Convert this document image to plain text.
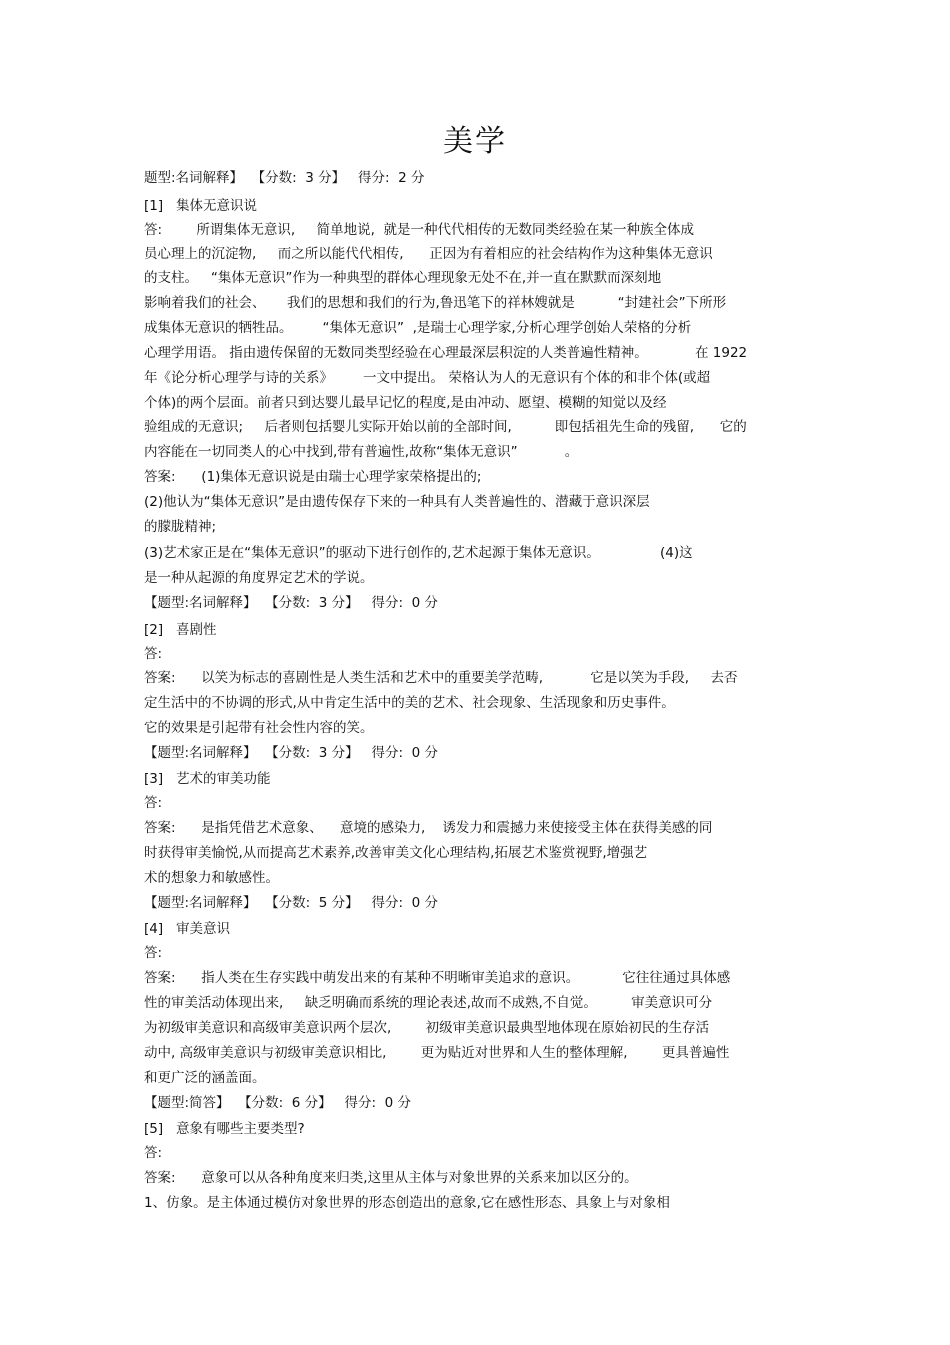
美学

题型:名词解释】  【分数:  3 分】   得分:  2 分

[1]   集体无意识说

答:        所谓集体无意识,     简单地说,  就是一种代代相传的无数同类经验在某一种族全体成

员心理上的沉淀物,     而之所以能代代相传,      正因为有着相应的社会结构作为这种集体无意识

的支柱。   “集体无意识”作为一种典型的群体心理现象无处不在,并一直在默默而深刻地

影响着我们的社会、     我们的思想和我们的行为,鲁迅笔下的祥林嫂就是          “封建社会”下所形

成集体无意识的牺牲品。       “集体无意识”  ,是瑞士心理学家,分析心理学创始人荣格的分析

心理学用语。 指由遗传保留的无数同类型经验在心理最深层积淀的人类普遍性精神。           在 1922

年《论分析心理学与诗的关系》       一文中提出。 荣格认为人的无意识有个体的和非个体(或超

个体)的两个层面。前者只到达婴儿最早记忆的程度,是由冲动、愿望、模糊的知觉以及经

验组成的无意识;     后者则包括婴儿实际开始以前的全部时间,          即包括祖先生命的残留,      它的

内容能在一切同类人的心中找到,带有普遍性,故称“集体无意识”           。

答案:      (1)集体无意识说是由瑞士心理学家荣格提出的;

(2)他认为“集体无意识”是由遗传保存下来的一种具有人类普遍性的、潜藏于意识深层

的朦胧精神;

(3)艺术家正是在“集体无意识”的驱动下进行创作的,艺术起源于集体无意识。              (4)这

是一种从起源的角度界定艺术的学说。

【题型:名词解释】  【分数:  3 分】   得分:  0 分

[2]   喜剧性

答:

答案:      以笑为标志的喜剧性是人类生活和艺术中的重要美学范畴,           它是以笑为手段,     去否

定生活中的不协调的形式,从中肯定生活中的美的艺术、社会现象、生活现象和历史事件。

它的效果是引起带有社会性内容的笑。

【题型:名词解释】  【分数:  3 分】   得分:  0 分

[3]   艺术的审美功能

答:

答案:      是指凭借艺术意象、    意境的感染力,    诱发力和震撼力来使接受主体在获得美感的同

时获得审美愉悦,从而提高艺术素养,改善审美文化心理结构,拓展艺术鉴赏视野,增强艺

术的想象力和敏感性。

【题型:名词解释】  【分数:  5 分】   得分:  0 分

[4]   审美意识

答:

答案:      指人类在生存实践中萌发出来的有某种不明晰审美追求的意识。          它往往通过具体感

性的审美活动体现出来,     缺乏明确而系统的理论表述,故而不成熟,不自觉。        审美意识可分

为初级审美意识和高级审美意识两个层次,        初级审美意识最典型地体现在原始初民的生存活

动中, 高级审美意识与初级审美意识相比,        更为贴近对世界和人生的整体理解,        更具普遍性

和更广泛的涵盖面。

【题型:简答】  【分数:  6 分】   得分:  0 分

[5]   意象有哪些主要类型?

答:

答案:      意象可以从各种角度来归类,这里从主体与对象世界的关系来加以区分的。

1、仿象。是主体通过模仿对象世界的形态创造出的意象,它在感性形态、具象上与对象相
